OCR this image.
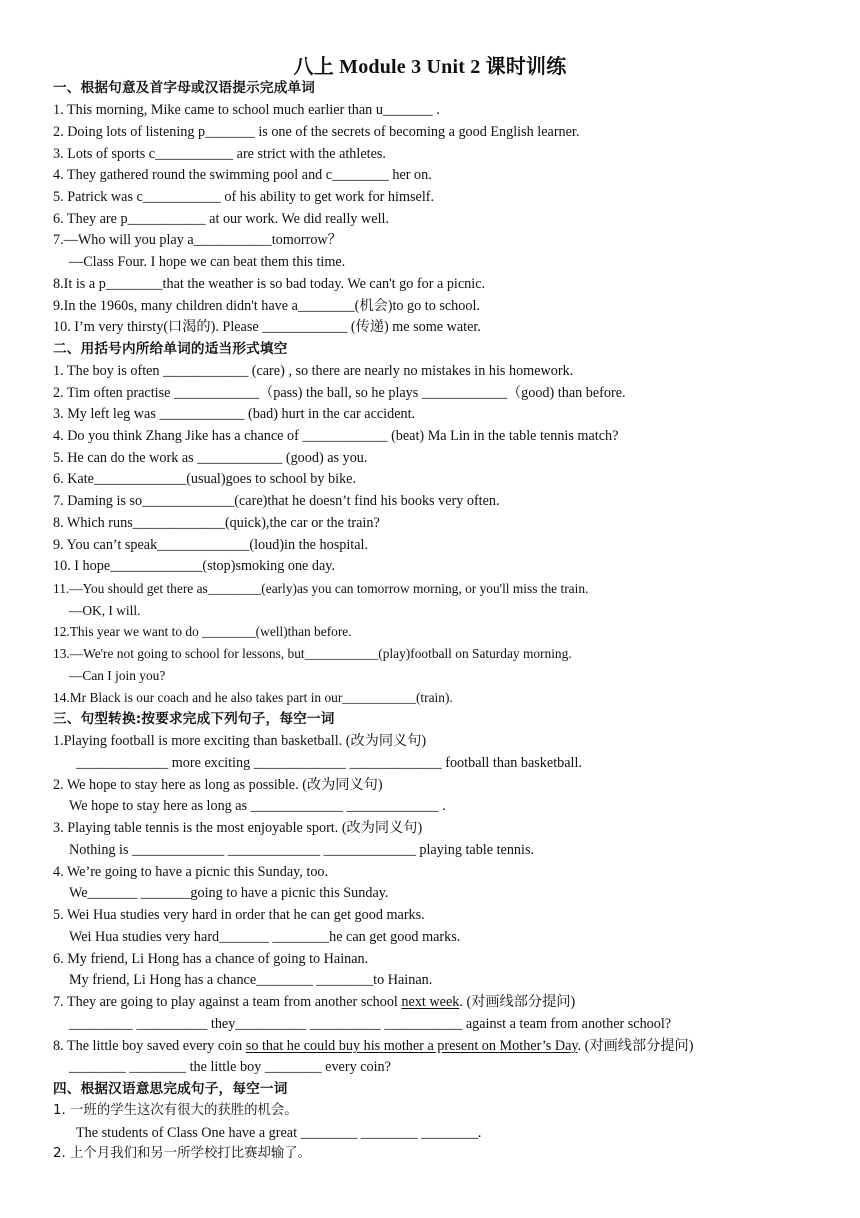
八上 Module 3 Unit 2 课时训练
一、根据句意及首字母或汉语提示完成单词
1. This morning, Mike came to school much earlier than u_______ .
2. Doing lots of listening p_______ is one of the secrets of becoming a good English learner.
3. Lots of sports c___________ are strict with the athletes.
4. They gathered round the swimming pool and c________ her on.
5. Patrick was c___________ of his ability to get work for himself.
6. They are p___________ at our work. We did really well.
7.—Who will you play a___________tomorrow？
—Class Four. I hope we can beat them this time.
8.It is a p________that the weather is so bad today. We can't go for a picnic.
9.In the 1960s, many children didn't have a________(机会)to go to school.
10. I’m very thirsty(口渴的). Please ____________ (传递) me some water.
二、用括号内所给单词的适当形式填空
1. The boy is often ____________ (care) , so there are nearly no mistakes in his homework.
2. Tim often practise ____________（pass) the ball, so he plays ____________（good) than before.
3. My left leg was ____________ (bad) hurt in the car accident.
4. Do you think Zhang Jike has a chance of ____________ (beat) Ma Lin in the table tennis match?
5. He can do the work as ____________ (good) as you.
6. Kate_____________(usual)goes to school by bike.
7. Daming is so_____________(care)that he doesn’t find his books very often.
8. Which runs_____________(quick),the car or the train?
9. You can’t speak_____________(loud)in the hospital.
10. I hope_____________(stop)smoking one day.
11.—You should get there as________(early)as you can tomorrow morning, or you'll miss the train.
—OK, I will.
12.This year we want to do ________(well)than before.
13.—We're not going to school for lessons, but___________(play)football on Saturday morning.
—Can I join you?
14.Mr Black is our coach and he also takes part in our___________(train).
三、句型转换:按要求完成下列句子，每空一词
1.Playing football is more exciting than basketball. (改为同义句)
_____________ more exciting _____________ _____________ football than basketball.
2. We hope to stay here as long as possible. (改为同义句)
We hope to stay here as long as _____________ _____________ .
3. Playing table tennis is the most enjoyable sport. (改为同义句)
Nothing is _____________ _____________ _____________ playing table tennis.
4. We’re going to have a picnic this Sunday, too.
We_______ _______going to have a picnic this Sunday.
5. Wei Hua studies very hard in order that he can get good marks.
Wei Hua studies very hard_______ ________he can get good marks.
6. My friend, Li Hong has a chance of going to Hainan.
My friend, Li Hong has a chance________ ________to Hainan.
7. They are going to play against a team from another school next week. (对画线部分提问)
_________ __________ they__________ __________ ___________ against a team from another school?
8. The little boy saved every coin so that he could buy his mother a present on Mother’s Day. (对画线部分提问)
________ ________ the little boy ________ every coin?
四、根据汉语意思完成句子，每空一词
1. 一班的学生这次有很大的获胜的机会。
The students of Class One have a great ________ ________ ________.
2. 上个月我们和另一所学校打比赛却输了。
